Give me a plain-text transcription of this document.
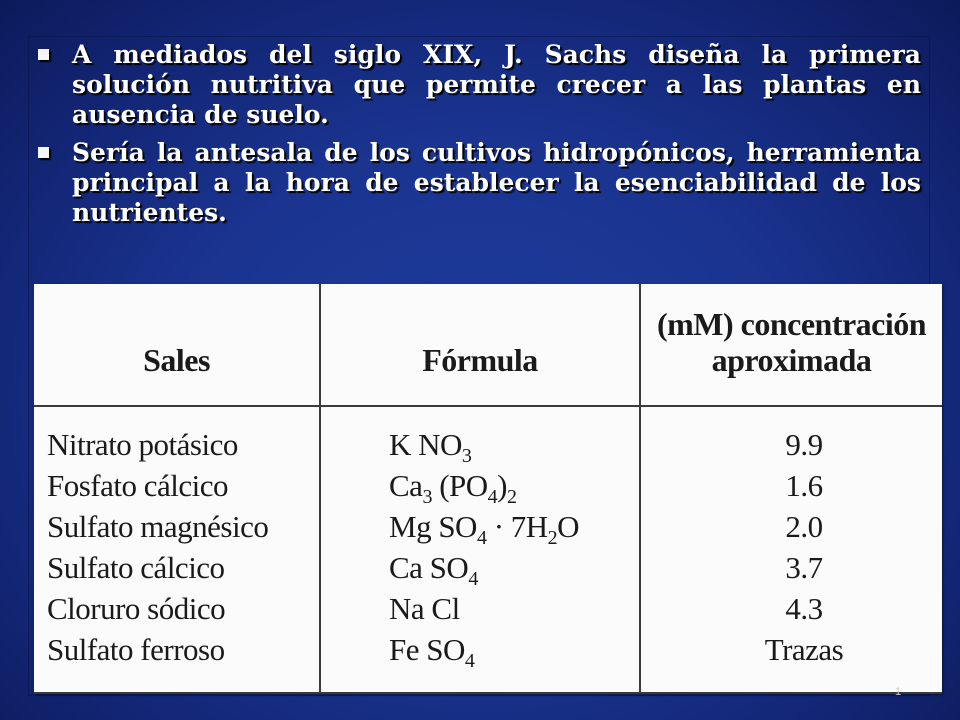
A mediados del siglo XIX, J. Sachs diseña la primera solución nutritiva que permite crecer a las plantas en ausencia de suelo.
Sería la antesala de los cultivos hidropónicos, herramienta principal a la hora de establecer la esenciabilidad de los nutrientes.
Sales	Fórmula
(mM) concentración
aproximada
Nitrato potásico
Fosfato cálcico
Sulfato magnésico
Sulfato cálcico
Cloruro sódico
Sulfato ferroso
K $NO_3$
$Ca_3$ $(PO_4)_2$
Mg $SO_4 \cdot 7H_2O$
Ca $SO_4$
Na Cl
Fe $SO_4$
9.9
1.6
2.0
3.7
4.3
Trazas
1
